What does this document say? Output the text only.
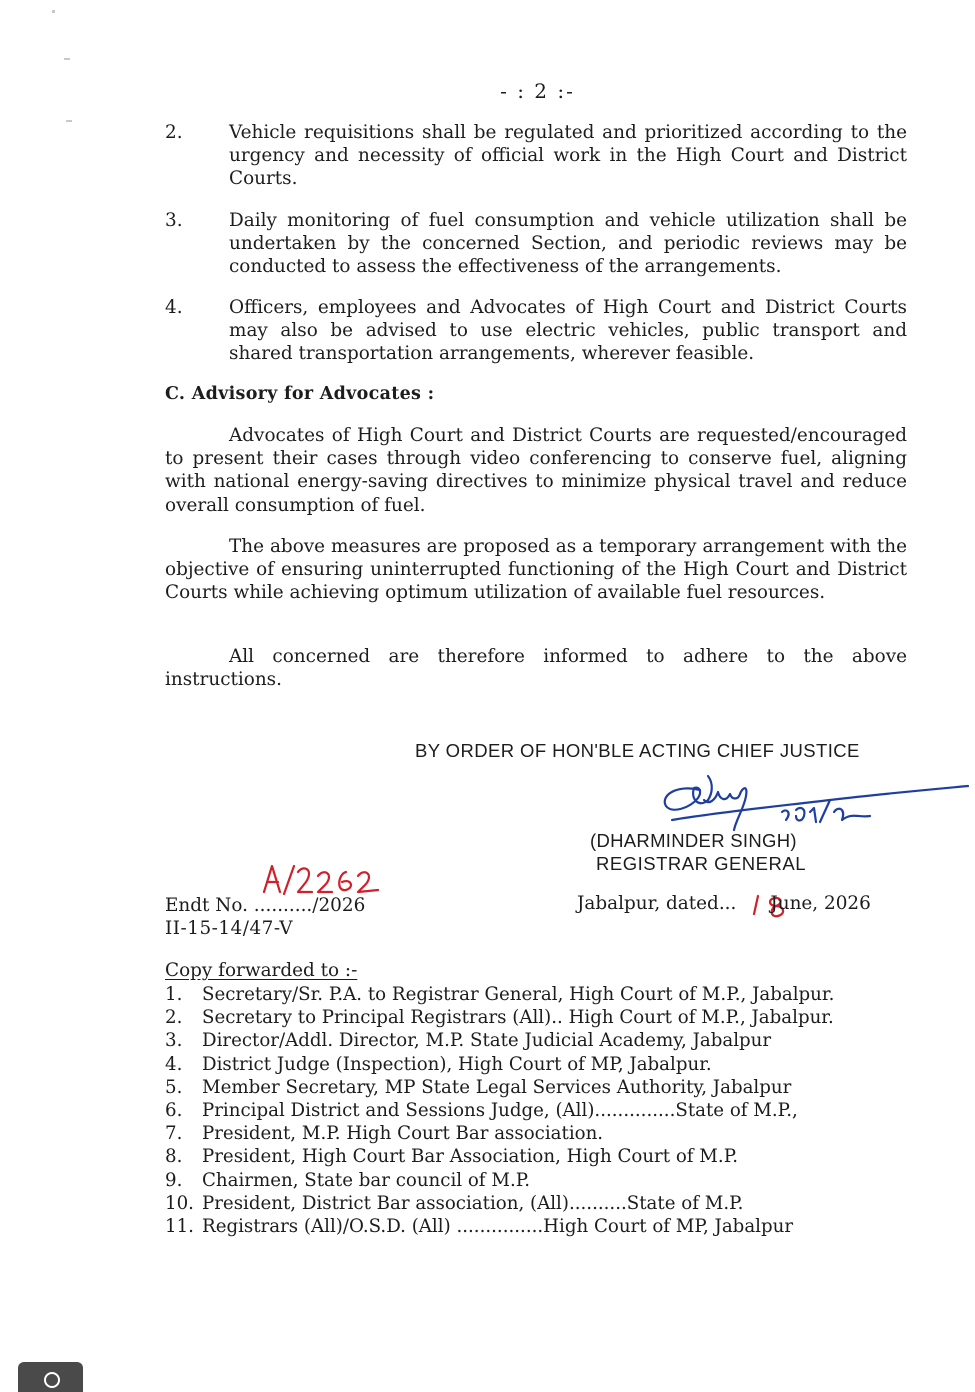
- : 2 :-
2.	Vehicle requisitions shall be regulated and prioritized according to the urgency and necessity of official work in the High Court and District Courts.
3.	Daily monitoring of fuel consumption and vehicle utilization shall be undertaken by the concerned Section, and periodic reviews may be conducted to assess the effectiveness of the arrangements.
4.	Officers, employees and Advocates of High Court and District Courts may also be advised to use electric vehicles, public transport and shared transportation arrangements, wherever feasible.
C. Advisory for Advocates :
Advocates of High Court and District Courts are requested/encouraged to present their cases through video conferencing to conserve fuel, aligning with national energy-saving directives to minimize physical travel and reduce overall consumption of fuel.
The above measures are proposed as a temporary arrangement with the objective of ensuring uninterrupted functioning of the High Court and District Courts while achieving optimum utilization of available fuel resources.
All concerned are therefore informed to adhere to the above instructions.
BY ORDER OF HON'BLE ACTING CHIEF JUSTICE
(DHARMINDER SINGH)
REGISTRAR GENERAL
Endt No. ........../2026
II-15-14/47-V
Jabalpur, dated... June, 2026
Copy forwarded to :-
1. Secretary/Sr. P.A. to Registrar General, High Court of M.P., Jabalpur.
2. Secretary to Principal Registrars (All).. High Court of M.P., Jabalpur.
3. Director/Addl. Director, M.P. State Judicial Academy, Jabalpur
4. District Judge (Inspection), High Court of MP, Jabalpur.
5. Member Secretary, MP State Legal Services Authority, Jabalpur
6. Principal District and Sessions Judge, (All)..............State of M.P.,
7. President, M.P. High Court Bar association.
8. President, High Court Bar Association, High Court of M.P.
9. Chairmen, State bar council of M.P.
10. President, District Bar association, (All)..........State of M.P.
11. Registrars (All)/O.S.D. (All) ...............High Court of MP, Jabalpur
